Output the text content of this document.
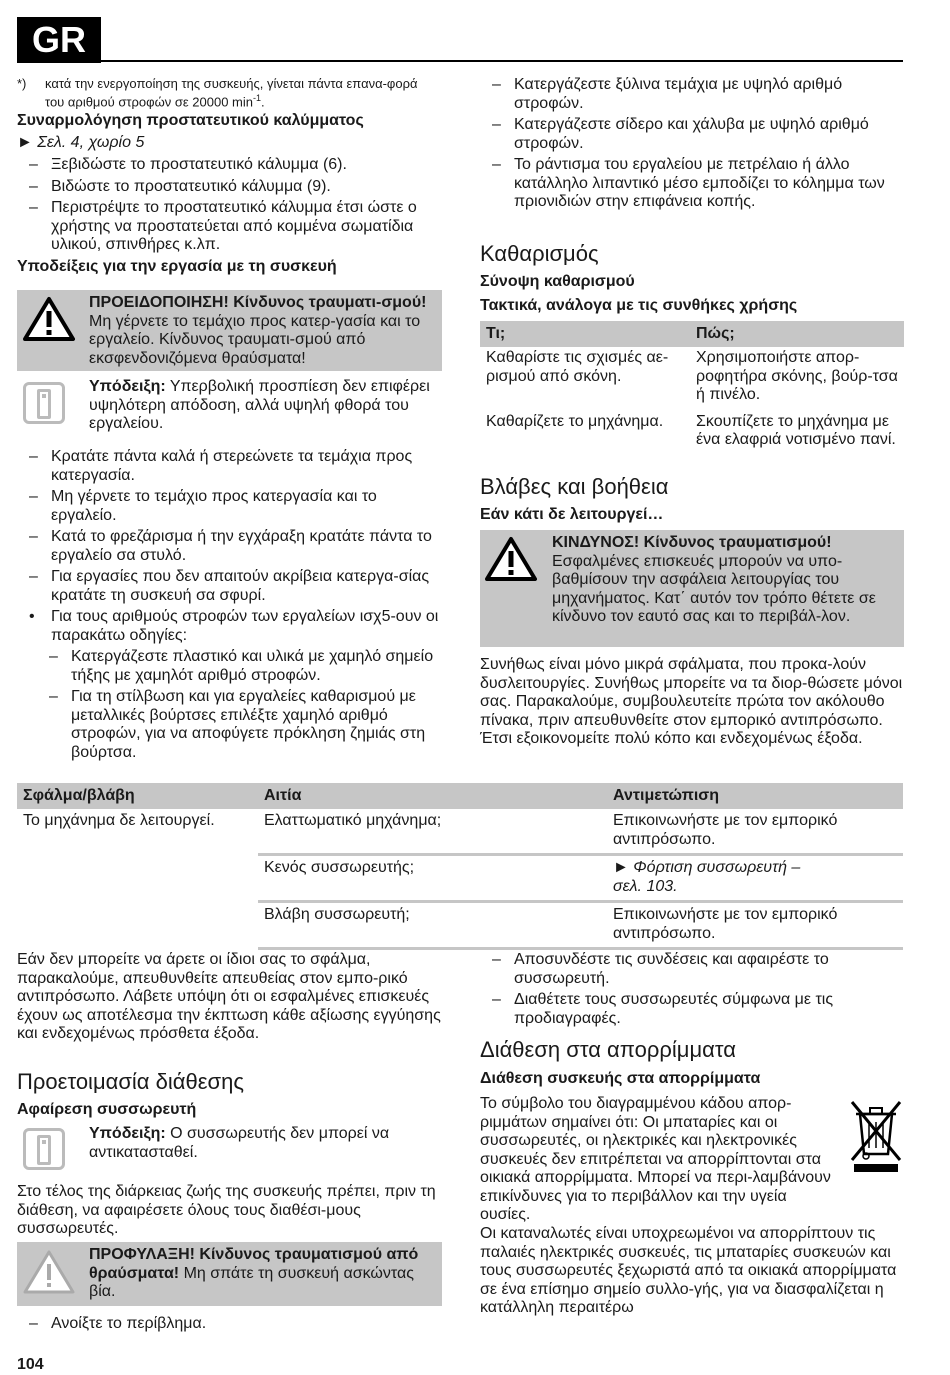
GR
*)	κατά την ενεργοποίηση της συσκευής, γίνεται πάντα επανα-φορά του αριθμού στροφών σε 20000 $\min^{-1}$.

Συναρμολόγηση προστατευτικού καλύμματος

► Σελ. 4, χωρίο 5
– Ξεβιδώστε το προστατευτικό κάλυμμα (6).
– Βιδώστε το προστατευτικό κάλυμμα (9).
– Περιστρέψτε το προστατευτικό κάλυμμα έτσι ώστε ο χρήστης να προστατεύεται από κομμένα σωματίδια υλικού, σπινθήρες κ.λπ.

Υποδείξεις για την εργασία με τη συσκευή

ΠΡΟΕΙΔΟΠΟΙΗΣΗ! Κίνδυνος τραυματι-σμού! Μη γέρνετε το τεμάχιο προς κατερ-γασία και το εργαλείο. Κίνδυνος τραυματι-σμού από εκσφενδονιζόμενα θραύσματα!
Υπόδειξη: Υπερβολική προσπίεση δεν επιφέρει υψηλότερη απόδοση, αλλά υψηλή φθορά του εργαλείου.
– Κρατάτε πάντα καλά ή στερεώνετε τα τεμάχια προς κατεργασία.
– Μη γέρνετε το τεμάχιο προς κατεργασία και το εργαλείο.
– Κατά το φρεζάρισμα ή την εγχάραξη κρατάτε πάντα το εργαλείο σα στυλό.
– Για εργασίες που δεν απαιτούν ακρίβεια κατεργα-σίας κρατάτε τη συσκευή σα σφυρί.
• Για τους αριθμούς στροφών των εργαλείων ισχ5-ουν οι παρακάτω οδηγίες:
– Κατεργάζεστε πλαστικό και υλικά με χαμηλό σημείο τήξης με χαμηλότ αριθμό στροφών.
– Για τη στίλβωση και για εργαλείες καθαρισμού με μεταλλικές βούρτσες επιλέξτε χαμηλό αριθμό στροφών, για να αποφύγετε πρόκληση ζημιάς στη βούρτσα.
– Κατεργάζεστε ξύλινα τεμάχια με υψηλό αριθμό στροφών.
– Κατεργάζεστε σίδερο και χάλυβα με υψηλό αριθμό στροφών.
– Το ράντισμα του εργαλείου με πετρέλαιο ή άλλο κατάλληλο λιπαντικό μέσο εμποδίζει το κόλημμα των πριονιδιών στην επιφάνεια κοπής.

Καθαρισμός

Σύνοψη καθαρισμού

Τακτικά, ανάλογα με τις συνθήκες χρήσης

Τι;	Πώς;
Καθαρίστε τις σχισμές αε-ρισμού από σκόνη.	Χρησιμοποιήστε απορ-ροφητήρα σκόνης, βούρ-τσα ή πινέλο.
Καθαρίζετε το μηχάνημα.	Σκουπίζετε το μηχάνημα με ένα ελαφριά νοτισμένο πανί.

Βλάβες και βοήθεια

Εάν κάτι δε λειτουργεί…

ΚΙΝΔΥΝΟΣ! Κίνδυνος τραυματισμού!
Εσφαλμένες επισκευές μπορούν να υπο-βαθμίσουν την ασφάλεια λειτουργίας του μηχανήματος. Κατ΄ αυτόν τον τρόπο θέτετε σε κίνδυνο τον εαυτό σας και το περιβάλ-λον.
Συνήθως είναι μόνο μικρά σφάλματα, που προκα-λούν δυσλειτουργίες. Συνήθως μπορείτε να τα διορ-θώσετε μόνοι σας. Παρακαλούμε, συμβουλευτείτε πρώτα τον ακόλουθο πίνακα, πριν απευθυνθείτε στον εμπορικό αντιπρόσωπο. Έτσι εξοικονομείτε πολύ κόπο και ενδεχομένως έξοδα.
Σφάλμα/βλάβη	Αιτία	Αντιμετώπιση
Το μηχάνημα δε λειτουργεί.	Ελαττωματικό μηχάνημα;	Επικοινωνήστε με τον εμπορικό αντιπρόσωπο.
	Κενός συσσωρευτής;	► Φόρτιση συσσωρευτή – σελ. 103.
	Βλάβη συσσωρευτή;	Επικοινωνήστε με τον εμπορικό αντιπρόσωπο.
Εάν δεν μπορείτε να άρετε οι ίδιοι σας το σφάλμα, παρακαλούμε, απευθυνθείτε απευθείας στον εμπο-ρικό αντιπρόσωπο. Λάβετε υπόψη ότι οι εσφαλμένες επισκευές έχουν ως αποτέλεσμα την έκπτωση κάθε αξίωσης εγγύησης και ενδεχομένως πρόσθετα έξοδα.

Προετοιμασία διάθεσης

Αφαίρεση συσσωρευτή

Υπόδειξη: Ο συσσωρευτής δεν μπορεί να αντικατασταθεί.
Στο τέλος της διάρκειας ζωής της συσκευής πρέπει, πριν τη διάθεση, να αφαιρέσετε όλους τους διαθέσι-μους συσσωρευτές.
ΠΡΟΦΥΛΑΞΗ! Κίνδυνος τραυματισμού από θραύσματα! Μη σπάτε τη συσκευή ασκώντας βία.
– Ανοίξτε το περίβλημα.
104
– Αποσυνδέστε τις συνδέσεις και αφαιρέστε το συσσωρευτή.
– Διαθέτετε τους συσσωρευτές σύμφωνα με τις προδιαγραφές.

Διάθεση στα απορρίμματα

Διάθεση συσκευής στα απορρίμματα

Το σύμβολο του διαγραμμένου κάδου απορ-ριμμάτων σημαίνει ότι: Οι μπαταρίες και οι συσσωρευτές, οι ηλεκτρικές και ηλεκτρονικές συσκευές δεν επιτρέπεται να απορρίπτονται στα οικιακά απορρίμματα. Μπορεί να περι-λαμβάνουν επικίνδυνες για το περιβάλλον και την υγεία ουσίες.
Οι καταναλωτές είναι υποχρεωμένοι να απορρίπτουν τις παλαιές ηλεκτρικές συσκευές, τις μπαταρίες συσκευών και τους συσσωρευτές ξεχωριστά από τα οικιακά απορρίμματα σε ένα επίσημο σημείο συλλο-γής, για να διασφαλίζεται η κατάλληλη περαιτέρω
